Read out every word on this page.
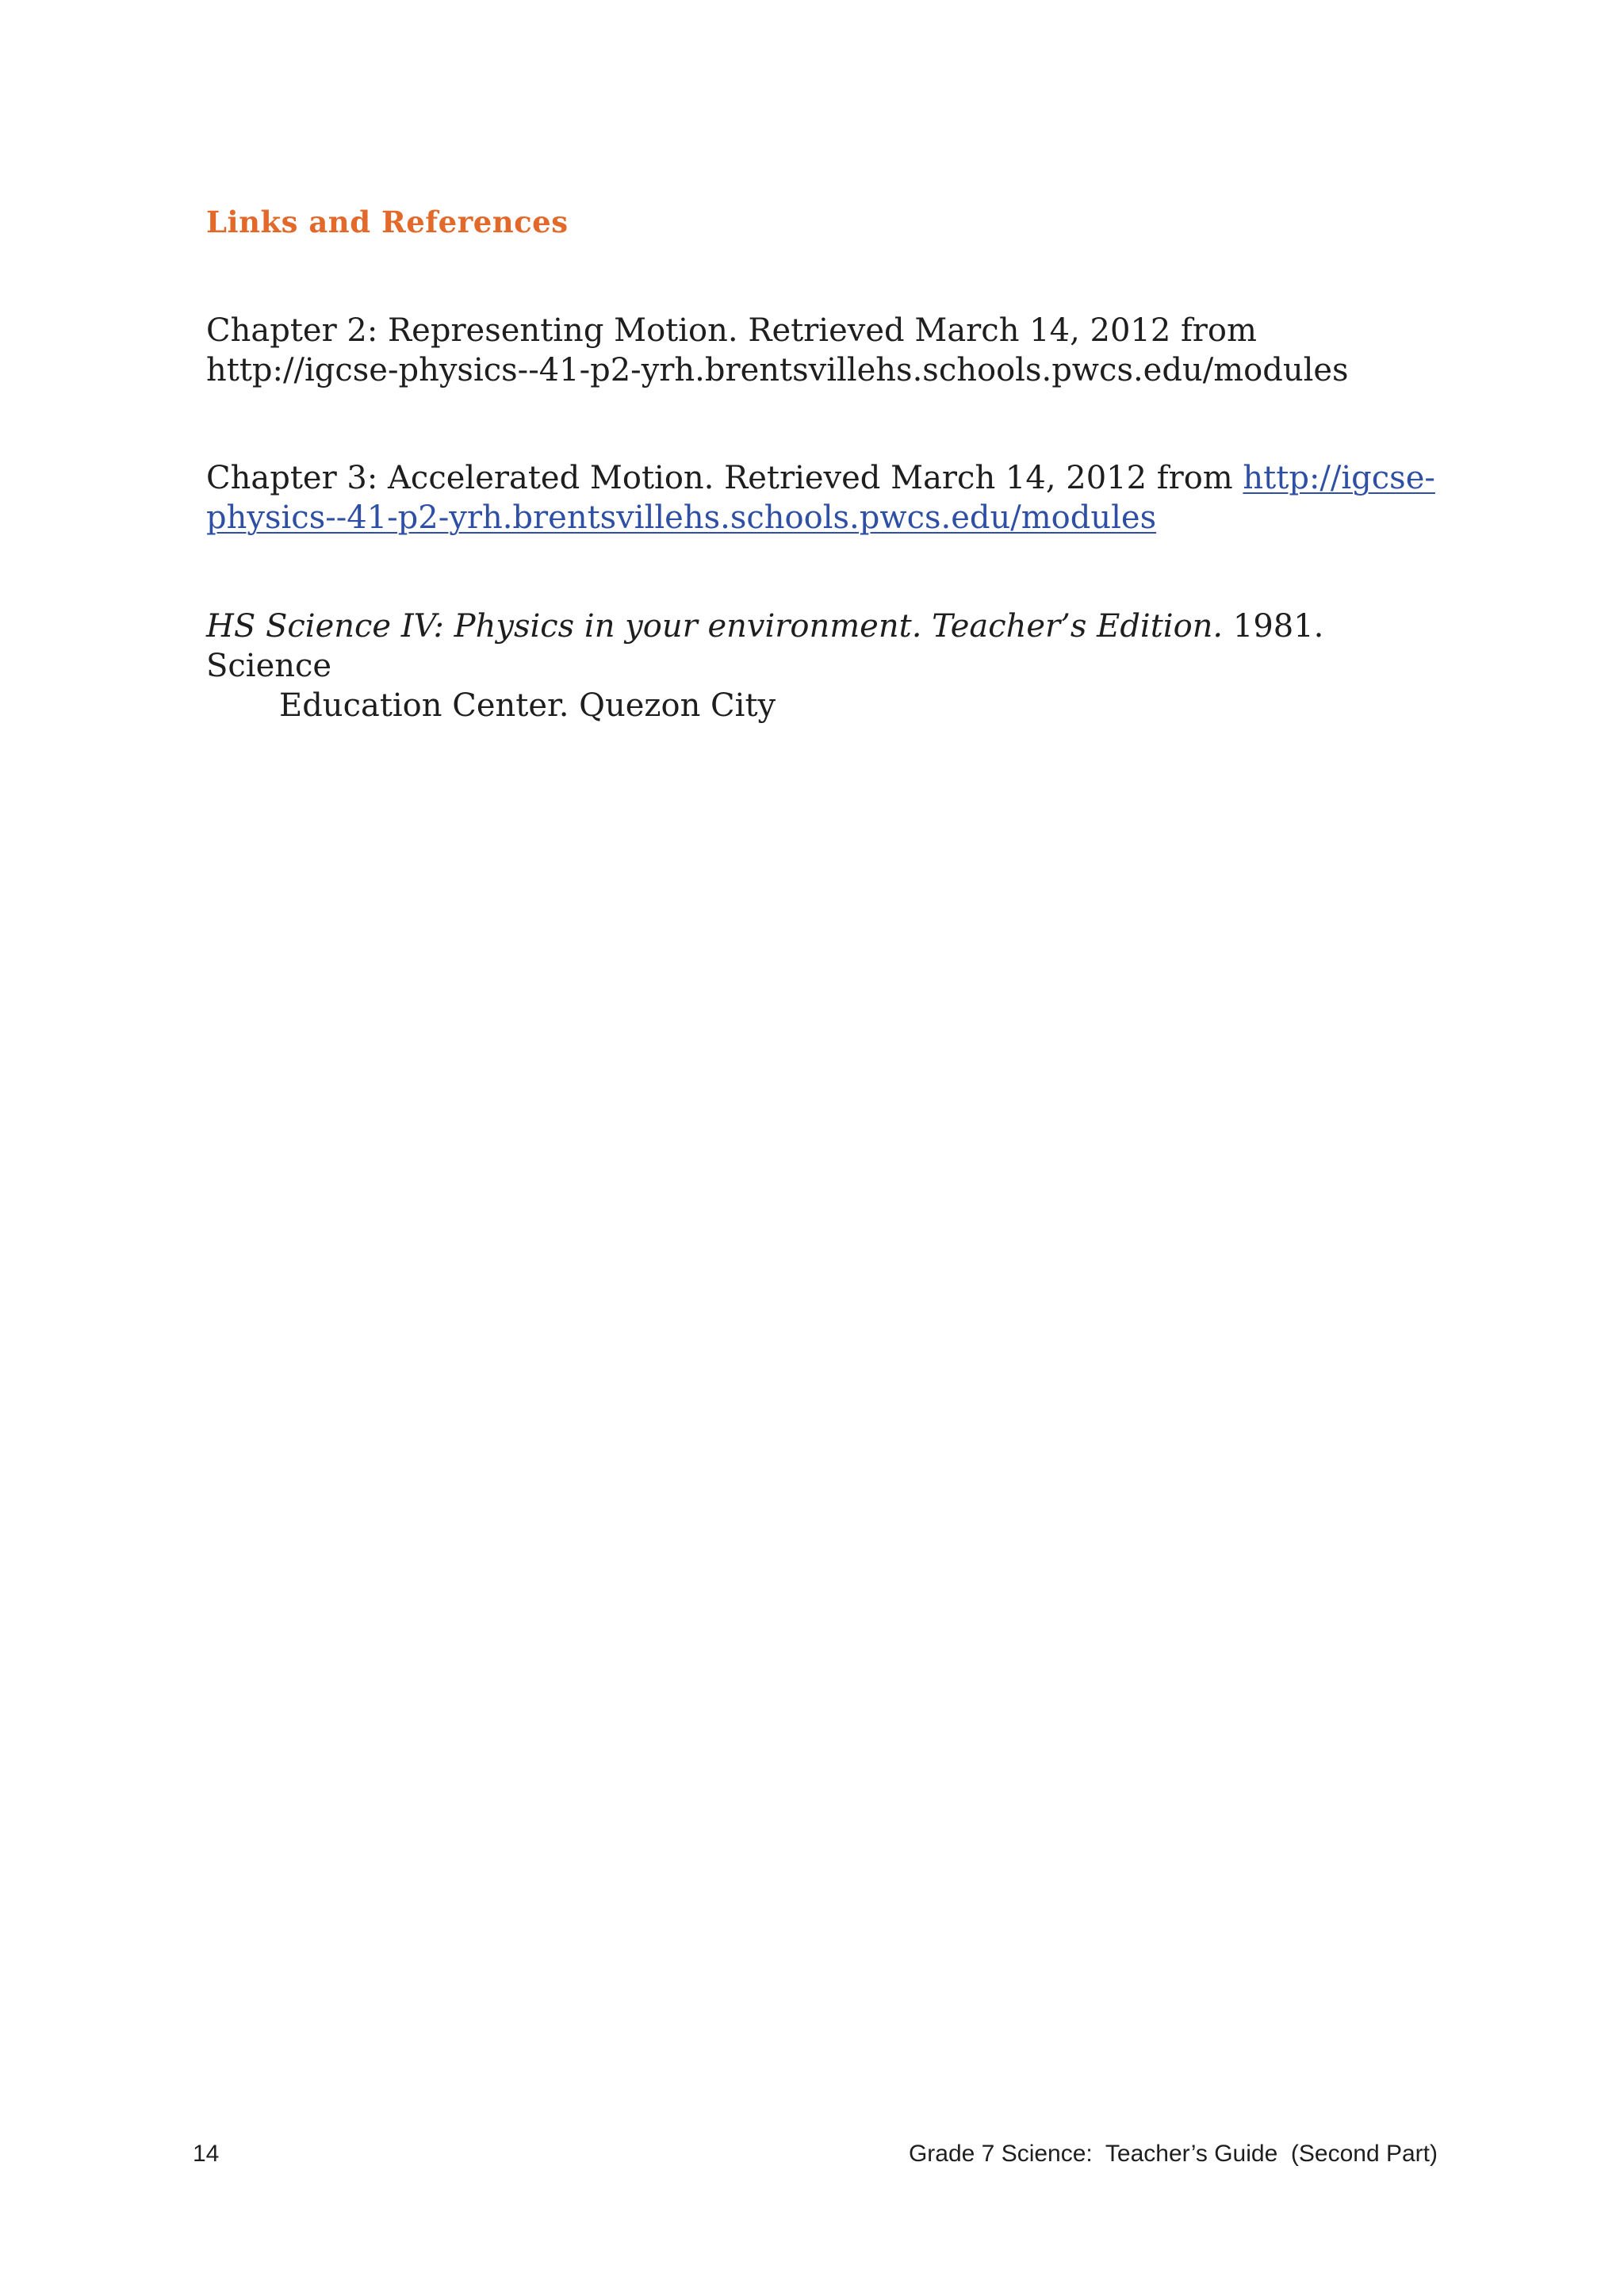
Links and References
Chapter 2: Representing Motion. Retrieved March 14, 2012 from
http://igcse-physics--41-p2-yrh.brentsvillehs.schools.pwcs.edu/modules
Chapter 3: Accelerated Motion. Retrieved March 14, 2012 from http://igcse-
physics--41-p2-yrh.brentsvillehs.schools.pwcs.edu/modules
HS Science IV: Physics in your environment. Teacher’s Edition. 1981. Science
Education Center. Quezon City
14	Grade 7 Science:  Teacher’s Guide  (Second Part)
